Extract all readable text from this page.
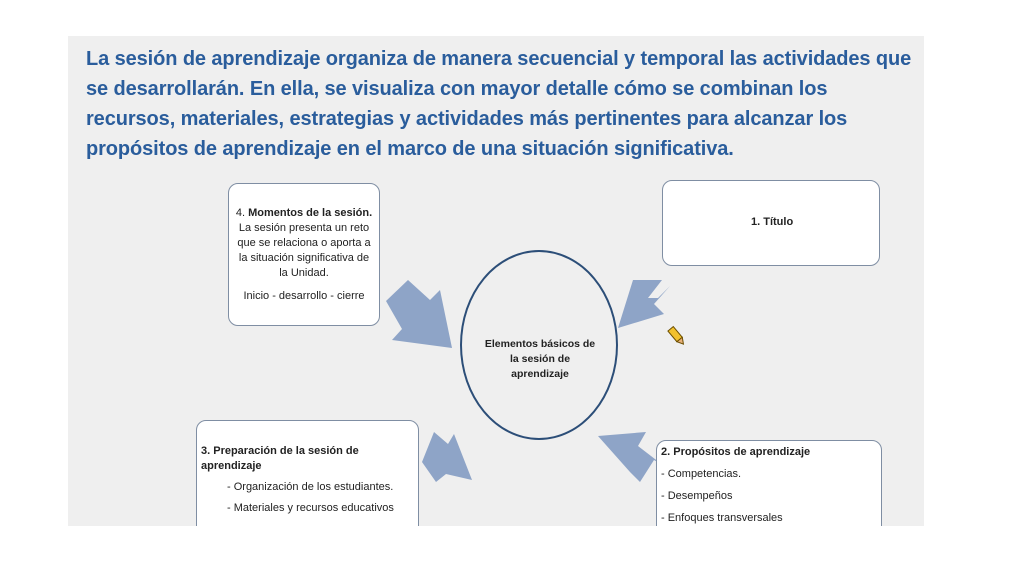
La sesión de aprendizaje organiza de manera secuencial y temporal las actividades que se desarrollarán. En ella, se visualiza con mayor detalle cómo se combinan los recursos, materiales, estrategias y actividades más pertinentes para alcanzar los propósitos de aprendizaje en el marco de una situación significativa.

4. Momentos de la sesión.

La sesión presenta un reto que se relaciona o aporta a la situación significativa de la Unidad.

Inicio - desarrollo - cierre

1. Título
Elementos básicos de
la sesión de
aprendizaje

3. Preparación de la sesión de aprendizaje

- Organización de los estudiantes.

- Materiales y recursos educativos

2. Propósitos de aprendizaje

- Competencias.

- Desempeños

- Enfoques transversales
